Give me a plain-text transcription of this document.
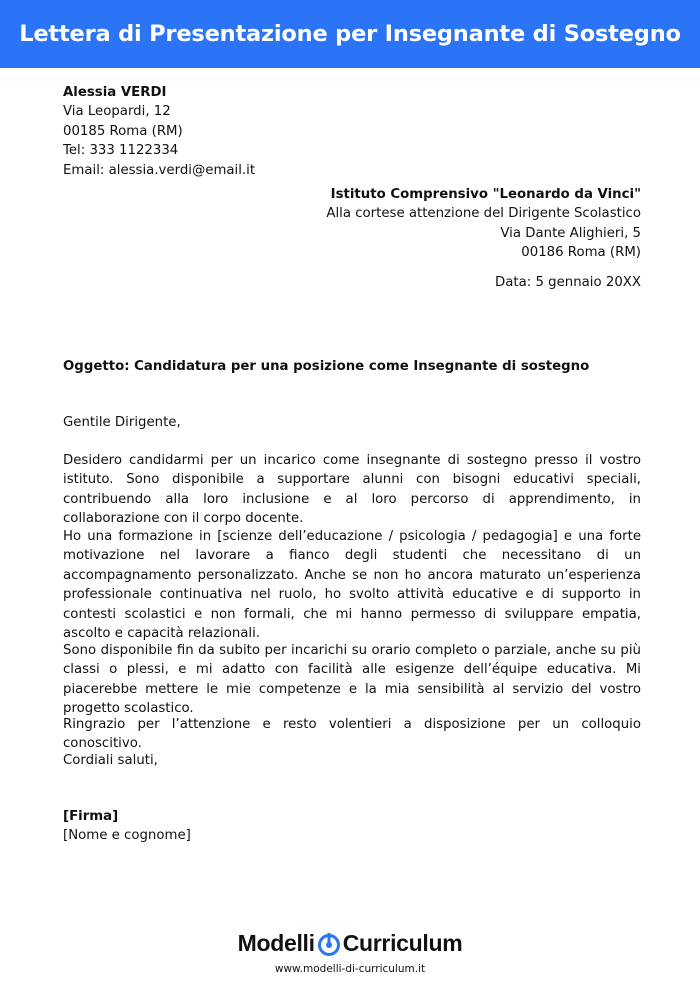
Lettera di Presentazione per Insegnante di Sostegno
Alessia VERDI
Via Leopardi, 12
00185 Roma (RM)
Tel: 333 1122334
Email: alessia.verdi@email.it
Istituto Comprensivo "Leonardo da Vinci"
Alla cortese attenzione del Dirigente Scolastico
Via Dante Alighieri, 5
00186 Roma (RM)
Data: 5 gennaio 20XX
Oggetto: Candidatura per una posizione come Insegnante di sostegno
Gentile Dirigente,
Desidero candidarmi per un incarico come insegnante di sostegno presso il vostro istituto. Sono disponibile a supportare alunni con bisogni educativi speciali, contribuendo alla loro inclusione e al loro percorso di apprendimento, in collaborazione con il corpo docente.
Ho una formazione in [scienze dell’educazione / psicologia / pedagogia] e una forte motivazione nel lavorare a fianco degli studenti che necessitano di un accompagnamento personalizzato. Anche se non ho ancora maturato un’esperienza professionale continuativa nel ruolo, ho svolto attività educative e di supporto in contesti scolastici e non formali, che mi hanno permesso di sviluppare empatia, ascolto e capacità relazionali.
Sono disponibile fin da subito per incarichi su orario completo o parziale, anche su più classi o plessi, e mi adatto con facilità alle esigenze dell’équipe educativa. Mi piacerebbe mettere le mie competenze e la mia sensibilità al servizio del vostro progetto scolastico.
Ringrazio per l’attenzione e resto volentieri a disposizione per un colloquio conoscitivo.
Cordiali saluti,
[Firma]
[Nome e cognome]
Modelli Curriculum
www.modelli-di-curriculum.it
